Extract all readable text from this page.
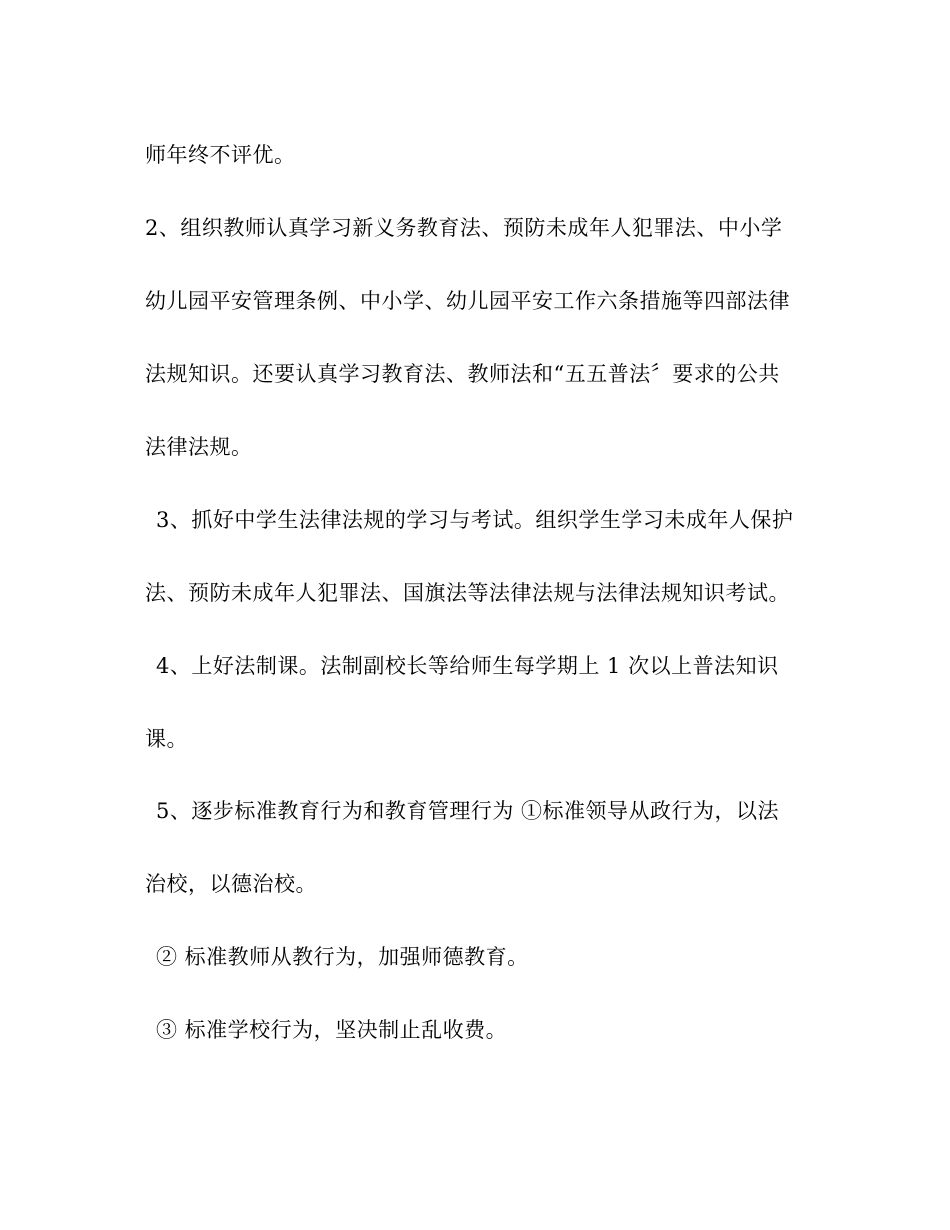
师年终不评优。
2、组织教师认真学习新义务教育法、预防未成年人犯罪法、中小学
幼儿园平安管理条例、中小学、幼儿园平安工作六条措施等四部法律
法规知识。还要认真学习教育法、教师法和“五五普法〞要求的公共
法律法规。
3、抓好中学生法律法规的学习与考试。组织学生学习未成年人保护
法、预防未成年人犯罪法、国旗法等法律法规与法律法规知识考试。
4、上好法制课。法制副校长等给师生每学期上 1 次以上普法知识
课。
5、逐步标准教育行为和教育管理行为 ①标准领导从政行为，以法
治校，以德治校。
② 标准教师从教行为，加强师德教育。
③ 标准学校行为，坚决制止乱收费。
